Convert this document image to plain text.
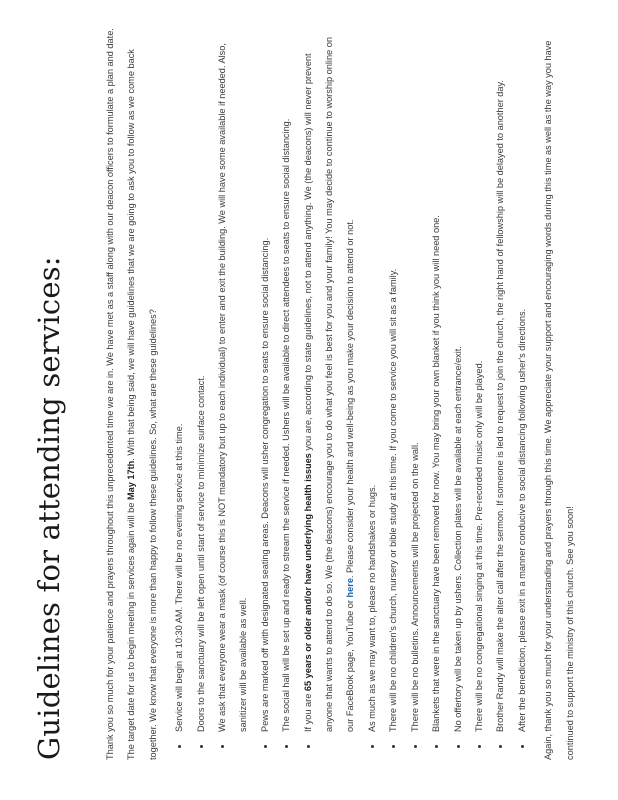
Guidelines for attending services:	Thank you so much for your patience and prayers throughout this unprecedented time we are in. We have met as a staff along with our deacon officers to formulate a plan and date. The target date for us to begin meeting in services again will be May 17th. With that being said, we will have guidelines that we are going to ask you to follow as we come back together. We know that everyone is more than happy to follow these guidelines. So, what are these guidelines?	• Service will begin at 10:30 AM. There will be no evening service at this time.	• Doors to the sanctuary will be left open until start of service to minimize surface contact.	• We ask that everyone wear a mask (of course this is NOT mandatory but up to each individual) to enter and exit the building. We will have some available if needed. Also, sanitizer will be available as well.	• Pews are marked off with designated seating areas. Deacons will usher congregation to seats to ensure social distancing.	• The social hall will be set up and ready to stream the service if needed. Ushers will be available to direct attendees to seats to ensure social distancing.	• If you are 65 years or older and/or have underlying health issues you are, according to state guidelines, not to attend anything. We (the deacons) will never prevent anyone that wants to attend to do so. We (the deacons) encourage you to do what you feel is best for you and your family! You may decide to continue to worship online on our FaceBook page, YouTube or here. Please consider your health and well-being as you make your decision to attend or not.
• As much as we may want to, please no handshakes or hugs.	• There will be no children's church, nursery or bible study at this time. If you come to service you will sit as a family.	• There will be no bulletins. Announcements will be projected on the wall.	• Blankets that were in the sanctuary have been removed for now. You may bring your own blanket if you think you will need one.	• No offertory will be taken up by ushers. Collection plates will be available at each entrance/exit.	• There will be no congregational singing at this time. Pre-recorded music only will be played.	• Brother Randy will make the alter call after the sermon. If someone is led to request to join the church, the right hand of fellowship will be delayed to another day.	• After the benediction, please exit in a manner conducive to social distancing following usher's directions.	Again, thank you so much for your understanding and prayers through this time. We appreciate your support and encouraging words during this time as well as the way you have continued to support the ministry of this church. See you soon!
